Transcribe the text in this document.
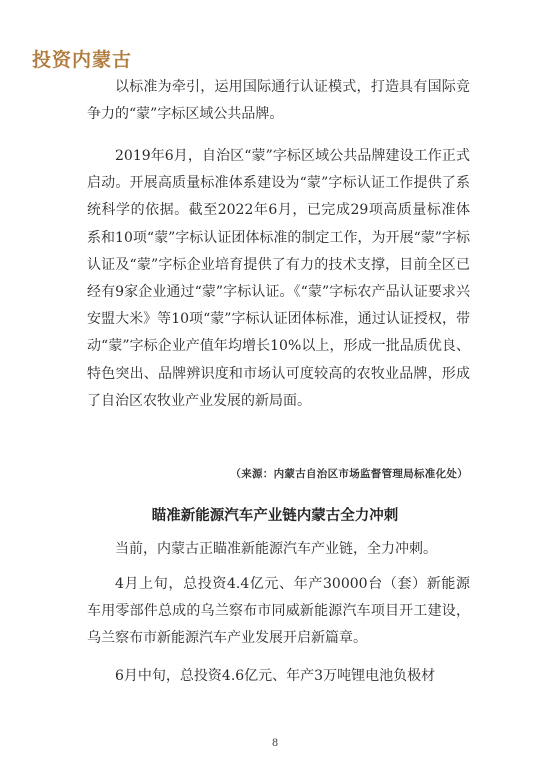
投资内蒙古

以标准为牵引，运用国际通行认证模式，打造具有国际竞争力的“蒙”字标区域公共品牌。

2019年6月，自治区“蒙”字标区域公共品牌建设工作正式启动。开展高质量标准体系建设为“蒙”字标认证工作提供了系统科学的依据。截至2022年6月，已完成29项高质量标准体系和10项“蒙”字标认证团体标准的制定工作，为开展“蒙”字标认证及“蒙”字标企业培育提供了有力的技术支撑，目前全区已经有9家企业通过“蒙”字标认证。《“蒙”字标农产品认证要求兴安盟大米》等10项“蒙”字标认证团体标准，通过认证授权，带动“蒙”字标企业产值年均增长10%以上，形成一批品质优良、特色突出、品牌辨识度和市场认可度较高的农牧业品牌，形成了自治区农牧业产业发展的新局面。

（来源：内蒙古自治区市场监督管理局标准化处）
瞄准新能源汽车产业链内蒙古全力冲刺

当前，内蒙古正瞄准新能源汽车产业链，全力冲刺。

4月上旬，总投资4.4亿元、年产30000台（套）新能源车用零部件总成的乌兰察布市同威新能源汽车项目开工建设，乌兰察布市新能源汽车产业发展开启新篇章。

6月中旬，总投资4.6亿元、年产3万吨锂电池负极材

8
